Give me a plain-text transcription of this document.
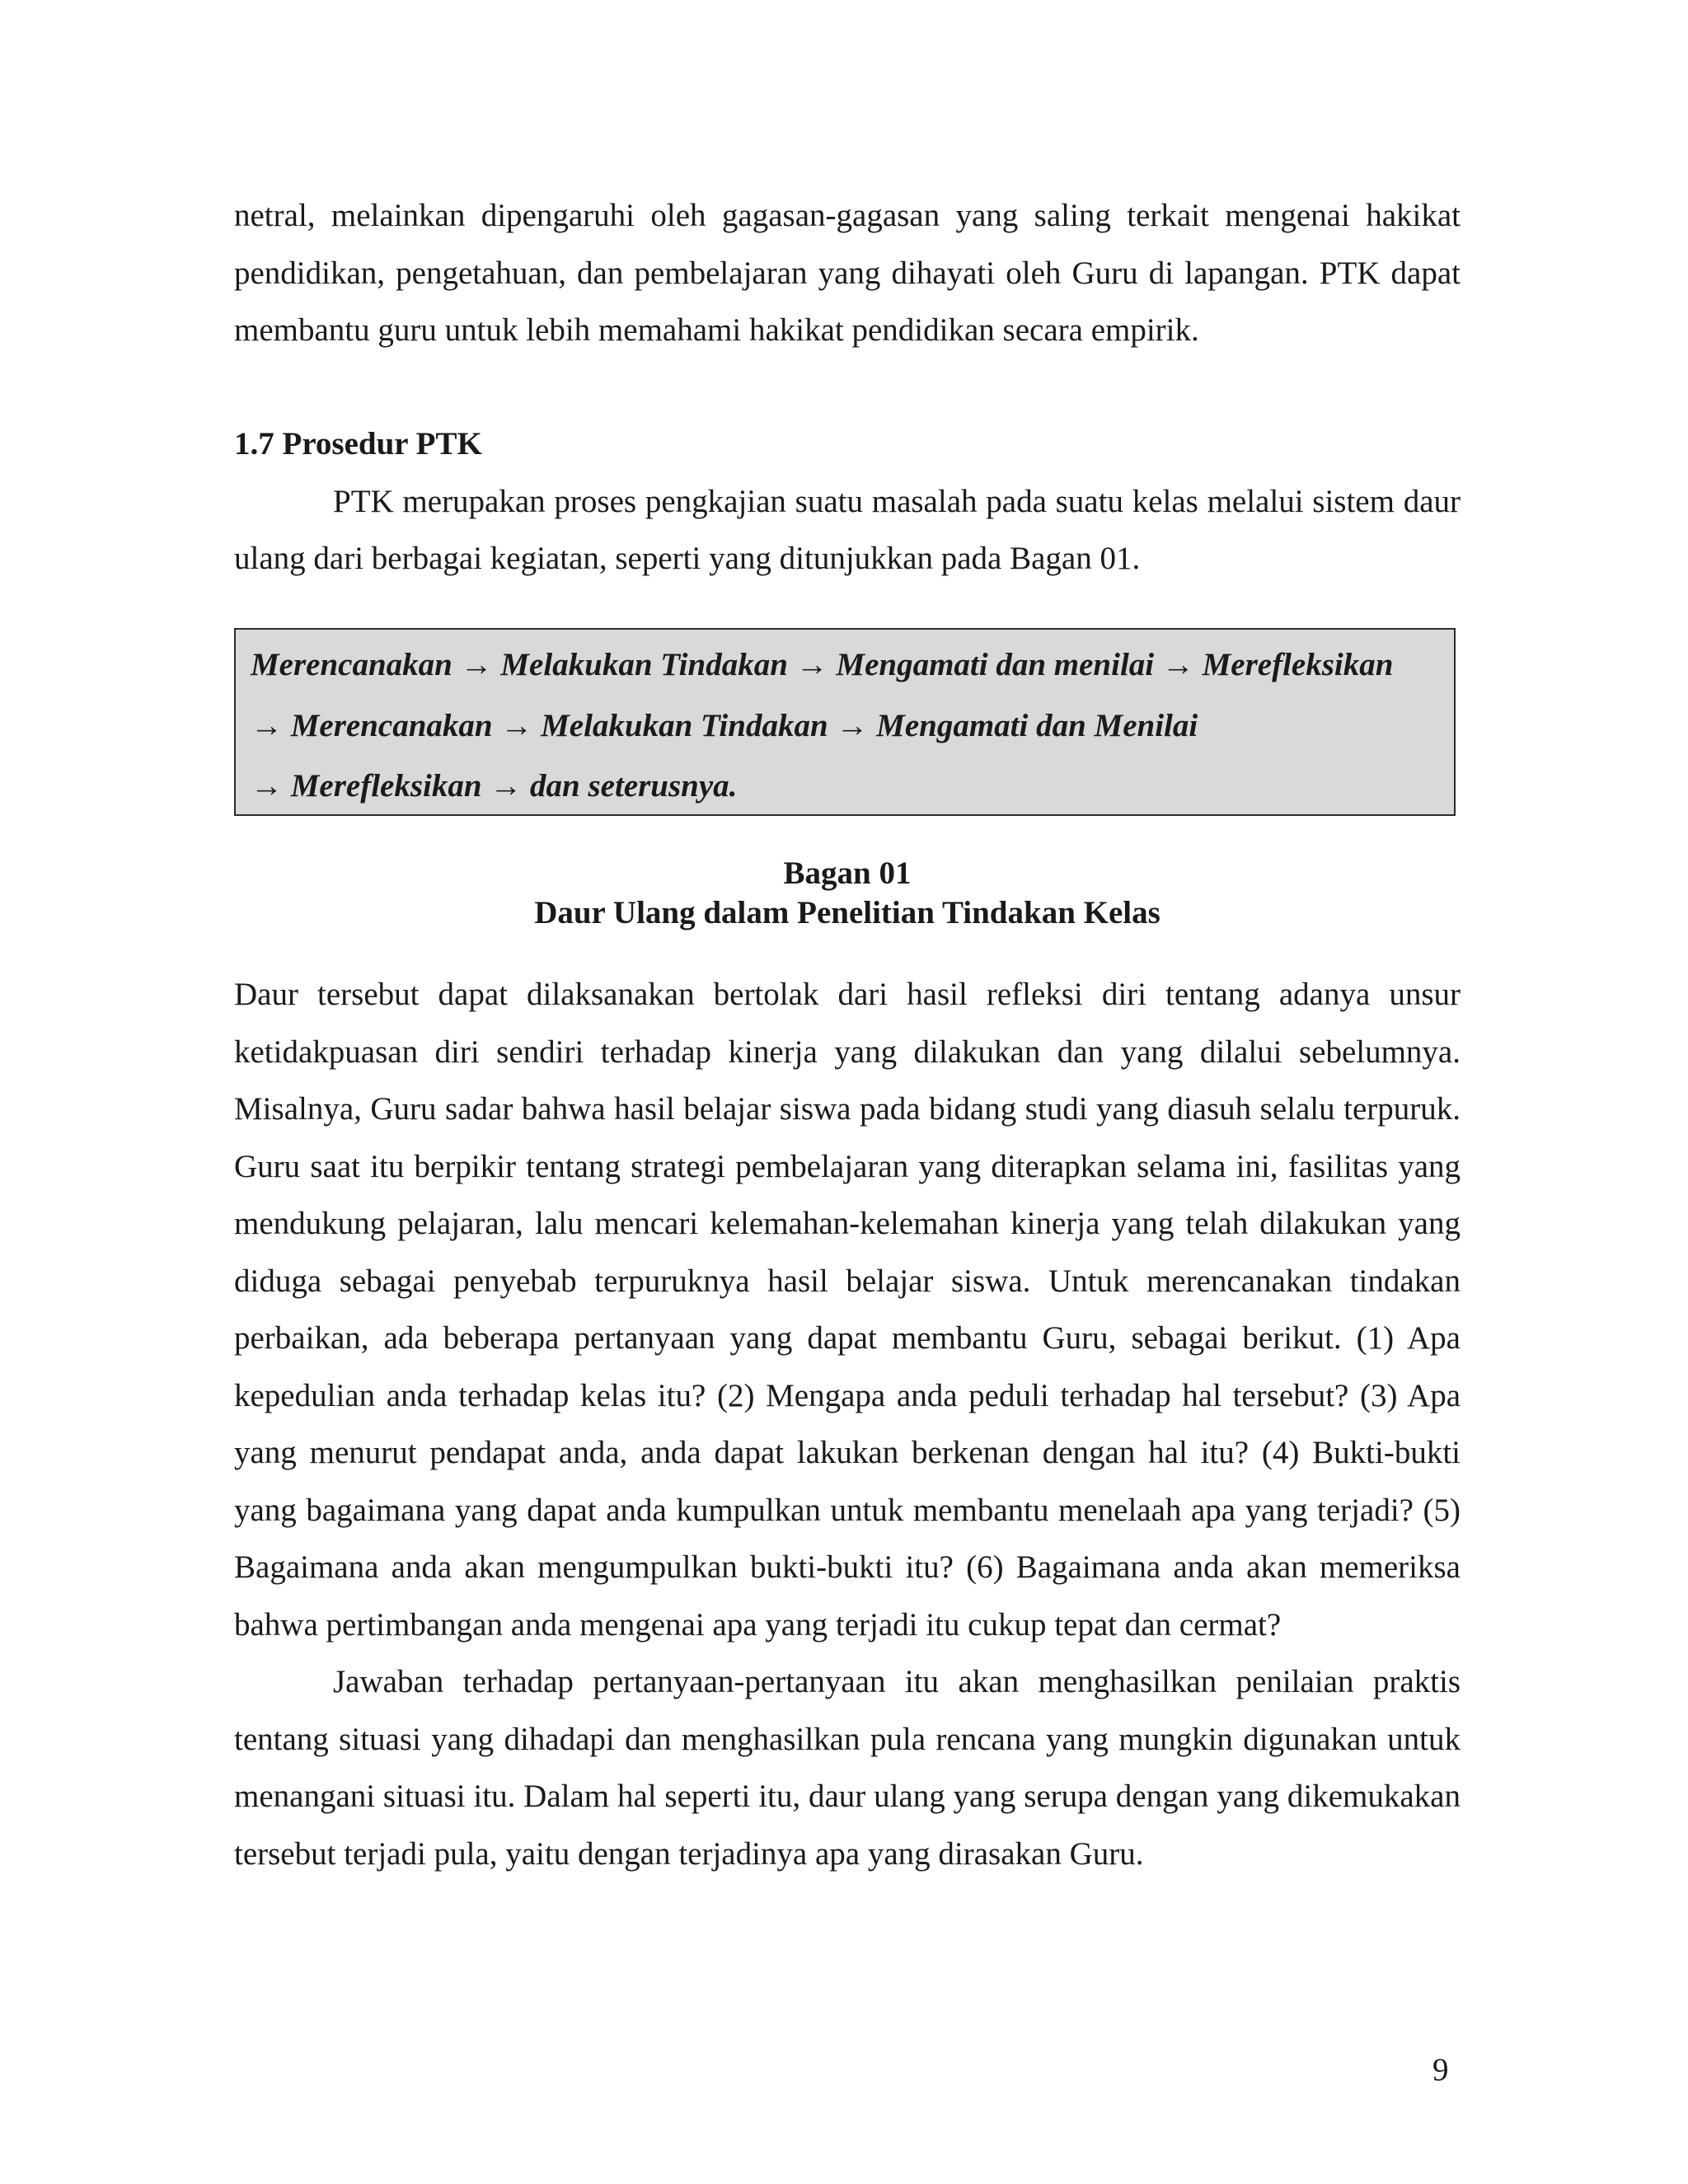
netral, melainkan dipengaruhi oleh gagasan-gagasan yang saling terkait mengenai hakikat pendidikan, pengetahuan, dan pembelajaran yang dihayati oleh Guru di lapangan. PTK dapat membantu guru untuk lebih memahami hakikat pendidikan secara empirik.

1.7 Prosedur PTK

PTK merupakan proses pengkajian suatu masalah pada suatu kelas melalui sistem daur ulang dari berbagai kegiatan, seperti yang ditunjukkan pada Bagan 01.

Merencanakan → Melakukan Tindakan → Mengamati dan menilai → Merefleksikan

→ Merencanakan → Melakukan Tindakan → Mengamati dan Menilai

→ Merefleksikan → dan seterusnya.

Bagan 01
Daur Ulang dalam Penelitian Tindakan Kelas

Daur tersebut dapat dilaksanakan bertolak dari hasil refleksi diri tentang adanya unsur ketidakpuasan diri sendiri terhadap kinerja yang dilakukan dan yang dilalui sebelumnya. Misalnya, Guru sadar bahwa hasil belajar siswa pada bidang studi yang diasuh selalu terpuruk. Guru saat itu berpikir tentang strategi pembelajaran yang diterapkan selama ini, fasilitas yang mendukung pelajaran, lalu mencari kelemahan-kelemahan kinerja yang telah dilakukan yang diduga sebagai penyebab terpuruknya hasil belajar siswa. Untuk merencanakan tindakan perbaikan, ada beberapa pertanyaan yang dapat membantu Guru, sebagai berikut. (1) Apa kepedulian anda terhadap kelas itu? (2) Mengapa anda peduli terhadap hal tersebut? (3) Apa yang menurut pendapat anda, anda dapat lakukan berkenan dengan hal itu? (4) Bukti-bukti yang bagaimana yang dapat anda kumpulkan untuk membantu menelaah apa yang terjadi? (5) Bagaimana anda akan mengumpulkan bukti-bukti itu? (6) Bagaimana anda akan memeriksa bahwa pertimbangan anda mengenai apa yang terjadi itu cukup tepat dan cermat?

Jawaban terhadap pertanyaan-pertanyaan itu akan menghasilkan penilaian praktis tentang situasi yang dihadapi dan menghasilkan pula rencana yang mungkin digunakan untuk menangani situasi itu. Dalam hal seperti itu, daur ulang yang serupa dengan yang dikemukakan tersebut terjadi pula, yaitu dengan terjadinya apa yang dirasakan Guru.

9
